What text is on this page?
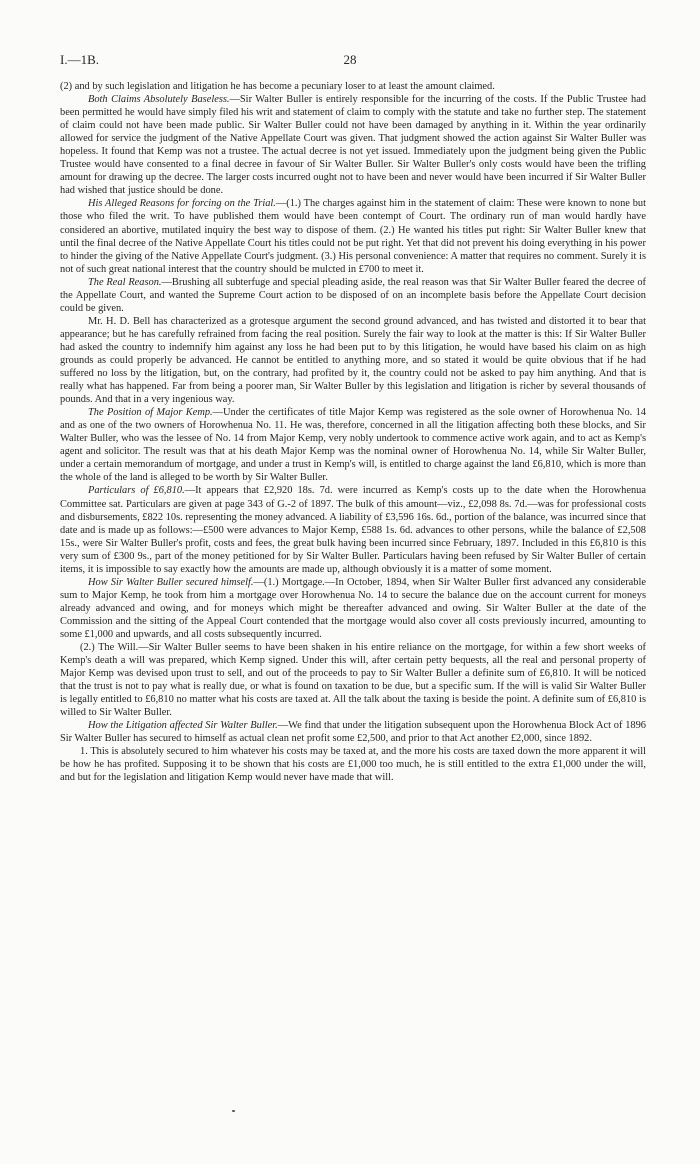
I.—1B.	28

(2) and by such legislation and litigation he has become a pecuniary loser to at least the amount claimed.

Both Claims Absolutely Baseless.—Sir Walter Buller is entirely responsible for the incurring of the costs. If the Public Trustee had been permitted he would have simply filed his writ and statement of claim to comply with the statute and take no further step. The statement of claim could not have been made public. Sir Walter Buller could not have been damaged by anything in it. Within the year ordinarily allowed for service the judgment of the Native Appellate Court was given. That judgment showed the action against Sir Walter Buller was hopeless. It found that Kemp was not a trustee. The actual decree is not yet issued. Immediately upon the judgment being given the Public Trustee would have consented to a final decree in favour of Sir Walter Buller. Sir Walter Buller's only costs would have been the trifling amount for drawing up the decree. The larger costs incurred ought not to have been and never would have been incurred if Sir Walter Buller had wished that justice should be done.

His Alleged Reasons for forcing on the Trial.—(1.) The charges against him in the statement of claim: These were known to none but those who filed the writ. To have published them would have been contempt of Court. The ordinary run of man would hardly have considered an abortive, mutilated inquiry the best way to dispose of them. (2.) He wanted his titles put right: Sir Walter Buller knew that until the final decree of the Native Appellate Court his titles could not be put right. Yet that did not prevent his doing everything in his power to hinder the giving of the Native Appellate Court's judgment. (3.) His personal convenience: A matter that requires no comment. Surely it is not of such great national interest that the country should be mulcted in £700 to meet it.

The Real Reason.—Brushing all subterfuge and special pleading aside, the real reason was that Sir Walter Buller feared the decree of the Appellate Court, and wanted the Supreme Court action to be disposed of on an incomplete basis before the Appellate Court decision could be given.

Mr. H. D. Bell has characterized as a grotesque argument the second ground advanced, and has twisted and distorted it to bear that appearance; but he has carefully refrained from facing the real position. Surely the fair way to look at the matter is this: If Sir Walter Buller had asked the country to indemnify him against any loss he had been put to by this litigation, he would have based his claim on as high grounds as could properly be advanced. He cannot be entitled to anything more, and so stated it would be quite obvious that if he had suffered no loss by the litigation, but, on the contrary, had profited by it, the country could not be asked to pay him anything. And that is really what has happened. Far from being a poorer man, Sir Walter Buller by this legislation and litigation is richer by several thousands of pounds. And that in a very ingenious way.

The Position of Major Kemp.—Under the certificates of title Major Kemp was registered as the sole owner of Horowhenua No. 14 and as one of the two owners of Horowhenua No. 11. He was, therefore, concerned in all the litigation affecting both these blocks, and Sir Walter Buller, who was the lessee of No. 14 from Major Kemp, very nobly undertook to commence active work again, and to act as Kemp's agent and solicitor. The result was that at his death Major Kemp was the nominal owner of Horowhenua No. 14, while Sir Walter Buller, under a certain memorandum of mortgage, and under a trust in Kemp's will, is entitled to charge against the land £6,810, which is more than the whole of the land is alleged to be worth by Sir Walter Buller.

Particulars of £6,810.—It appears that £2,920 18s. 7d. were incurred as Kemp's costs up to the date when the Horowhenua Committee sat. Particulars are given at page 343 of G.-2 of 1897. The bulk of this amount—viz., £2,098 8s. 7d.—was for professional costs and disbursements, £822 10s. representing the money advanced. A liability of £3,596 16s. 6d., portion of the balance, was incurred since that date and is made up as follows:—£500 were advances to Major Kemp, £588 1s. 6d. advances to other persons, while the balance of £2,508 15s., were Sir Walter Buller's profit, costs and fees, the great bulk having been incurred since February, 1897. Included in this £6,810 is this very sum of £300 9s., part of the money petitioned for by Sir Walter Buller. Particulars having been refused by Sir Walter Buller of certain items, it is impossible to say exactly how the amounts are made up, although obviously it is a matter of some moment.

How Sir Walter Buller secured himself.—(1.) Mortgage.—In October, 1894, when Sir Walter Buller first advanced any considerable sum to Major Kemp, he took from him a mortgage over Horowhenua No. 14 to secure the balance due on the account current for moneys already advanced and owing, and for moneys which might be thereafter advanced and owing. Sir Walter Buller at the date of the Commission and the sitting of the Appeal Court contended that the mortgage would also cover all costs previously incurred, amounting to some £1,000 and upwards, and all costs subsequently incurred.

(2.) The Will.—Sir Walter Buller seems to have been shaken in his entire reliance on the mortgage, for within a few short weeks of Kemp's death a will was prepared, which Kemp signed. Under this will, after certain petty bequests, all the real and personal property of Major Kemp was devised upon trust to sell, and out of the proceeds to pay to Sir Walter Buller a definite sum of £6,810. It will be noticed that the trust is not to pay what is really due, or what is found on taxation to be due, but a specific sum. If the will is valid Sir Walter Buller is legally entitled to £6,810 no matter what his costs are taxed at. All the talk about the taxing is beside the point. A definite sum of £6,810 is willed to Sir Walter Buller.

How the Litigation affected Sir Walter Buller.—We find that under the litigation subsequent upon the Horowhenua Block Act of 1896 Sir Walter Buller has secured to himself as actual clean net profit some £2,500, and prior to that Act another £2,000, since 1892.

1. This is absolutely secured to him whatever his costs may be taxed at, and the more his costs are taxed down the more apparent it will be how he has profited. Supposing it to be shown that his costs are £1,000 too much, he is still entitled to the extra £1,000 under the will, and but for the legislation and litigation Kemp would never have made that will.
